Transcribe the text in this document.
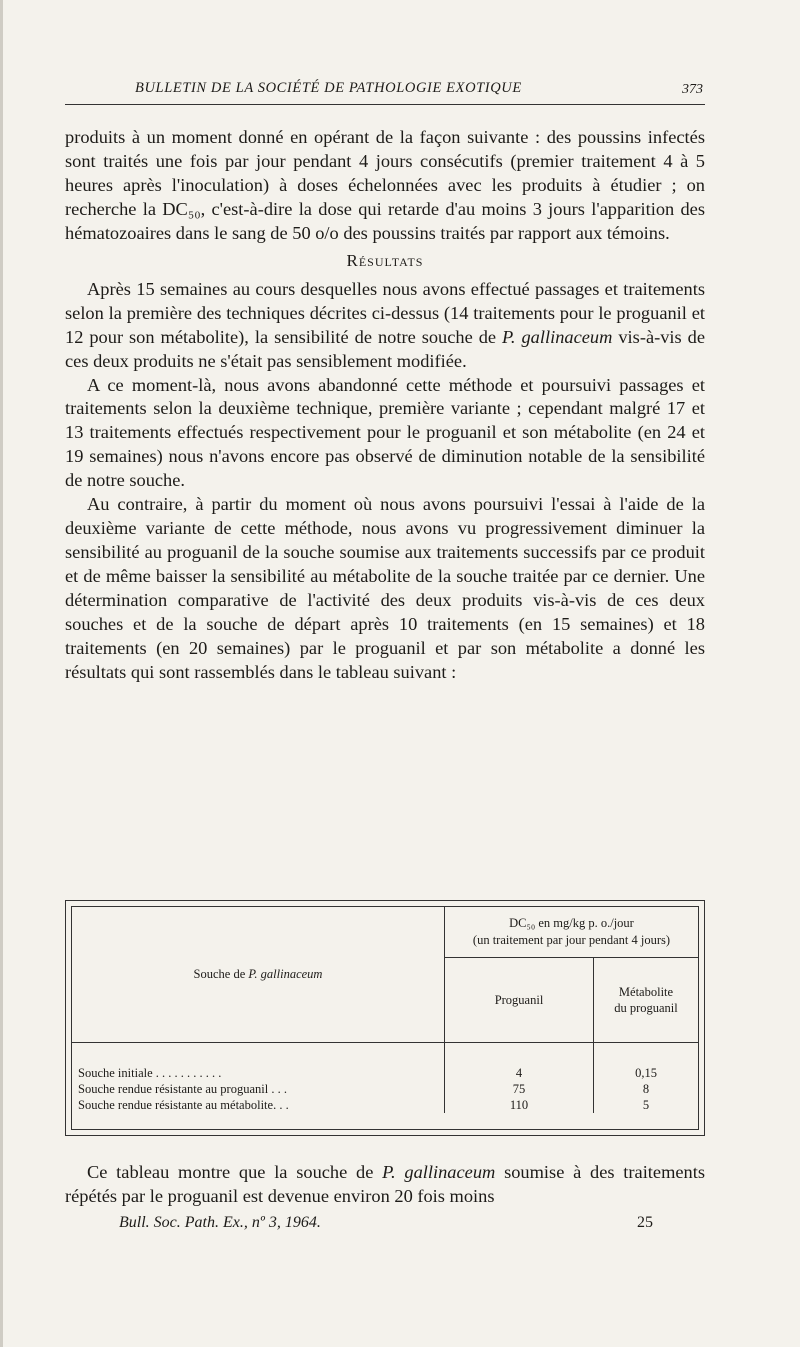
BULLETIN DE LA SOCIÉTÉ DE PATHOLOGIE EXOTIQUE	373

produits à un moment donné en opérant de la façon suivante : des poussins infectés sont traités une fois par jour pendant 4 jours consécutifs (premier traitement 4 à 5 heures après l'inoculation) à doses échelonnées avec les produits à étudier ; on recherche la DC₅₀, c'est-à-dire la dose qui retarde d'au moins 3 jours l'apparition des hématozoaires dans le sang de 50 o/o des poussins traités par rapport aux témoins.

Résultats

Après 15 semaines au cours desquelles nous avons effectué passages et traitements selon la première des techniques décrites ci-dessus (14 traitements pour le proguanil et 12 pour son métabolite), la sensibilité de notre souche de P. gallinaceum vis-à-vis de ces deux produits ne s'était pas sensiblement modifiée.

A ce moment-là, nous avons abandonné cette méthode et poursuivi passages et traitements selon la deuxième technique, première variante ; cependant malgré 17 et 13 traitements effectués respectivement pour le proguanil et son métabolite (en 24 et 19 semaines) nous n'avons encore pas observé de diminution notable de la sensibilité de notre souche.

Au contraire, à partir du moment où nous avons poursuivi l'essai à l'aide de la deuxième variante de cette méthode, nous avons vu progressivement diminuer la sensibilité au proguanil de la souche soumise aux traitements successifs par ce produit et de même baisser la sensibilité au métabolite de la souche traitée par ce dernier. Une détermination comparative de l'activité des deux produits vis-à-vis de ces deux souches et de la souche de départ après 10 traitements (en 15 semaines) et 18 traitements (en 20 semaines) par le proguanil et par son métabolite a donné les résultats qui sont rassemblés dans le tableau suivant :

Souche de P. gallinaceum	DC₅₀ en mg/kg p. o./jour
(un traitement par jour pendant 4 jours)	

	Proguanil	Métabolite
du proguanil

Souche initiale . . . . . . . . . . .	4	0,15
Souche rendue résistante au proguanil . . .	75	8
Souche rendue résistante au métabolite. . .	110	5

Ce tableau montre que la souche de P. gallinaceum soumise à des traitements répétés par le proguanil est devenue environ 20 fois moins

Bull. Soc. Path. Ex., nº 3, 1964.	25
